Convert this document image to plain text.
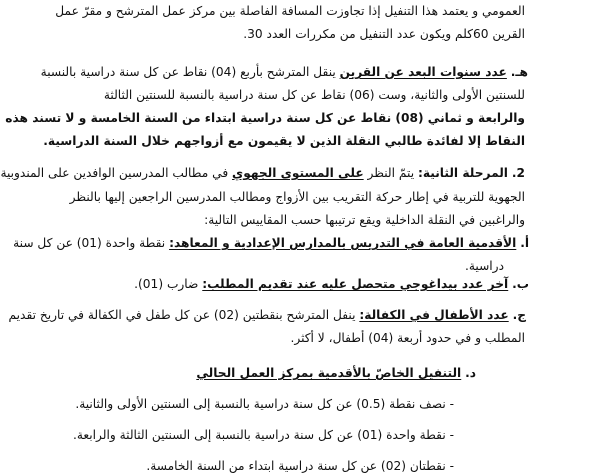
العمومي و يعتمد هذا التنفيل إذا تجاوزت المسافة الفاصلة بين مركز عمل المترشح و مقرّ عمل
القرين 60كلم ويكون عدد التنفيل من مكررات العدد 30.
هـ. عدد سنوات البعد عن القرين ينقل المترشح بأربع (04) نقاط عن كل سنة دراسية بالنسبة
للسنتين الأولى والثانية، وست (06) نقاط عن كل سنة دراسية بالنسبة للسنتين الثالثة
والرابعة و ثماني (08) نقاط عن كل سنة دراسية ابتداء من السنة الخامسة و لا تسند هذه
النقاط إلا لفائدة طالبي النقلة الذين لا يقيمون مع أزواجهم خلال السنة الدراسية.
2. المرحلة الثانية: يتمّ النظر على المستوى الجهوي في مطالب المدرسين الوافدين على المندوبية
الجهوية للتربية في إطار حركة التقريب بين الأزواج ومطالب المدرسين الراجعين إليها بالنظر
والراغبين في النقلة الداخلية ويقع ترتيبها حسب المقاييس التالية:
أ. الأقدمية العامة في التدريس بالمدارس الإعدادية و المعاهد: نقطة واحدة (01) عن كل سنة
دراسية.
ب. آخر عدد بيداغوجي متحصل عليه عند تقديم المطلب: ضارب (01).
ج. عدد الأطفال في الكفالة: ينفل المترشح بنقطتين (02) عن كل طفل في الكفالة في تاريخ تقديم
المطلب و في حدود أربعة (04) أطفال، لا أكثر.
د. التنفيل الخاصّ بالأقدمية بمركز العمل الحالي
- نصف نقطة (0.5) عن كل سنة دراسية بالنسبة إلى السنتين الأولى والثانية.
- نقطة واحدة (01) عن كل سنة دراسية بالنسبة إلى السنتين الثالثة والرابعة.
- نقطتان (02) عن كل سنة دراسية ابتداء من السنة الخامسة.
